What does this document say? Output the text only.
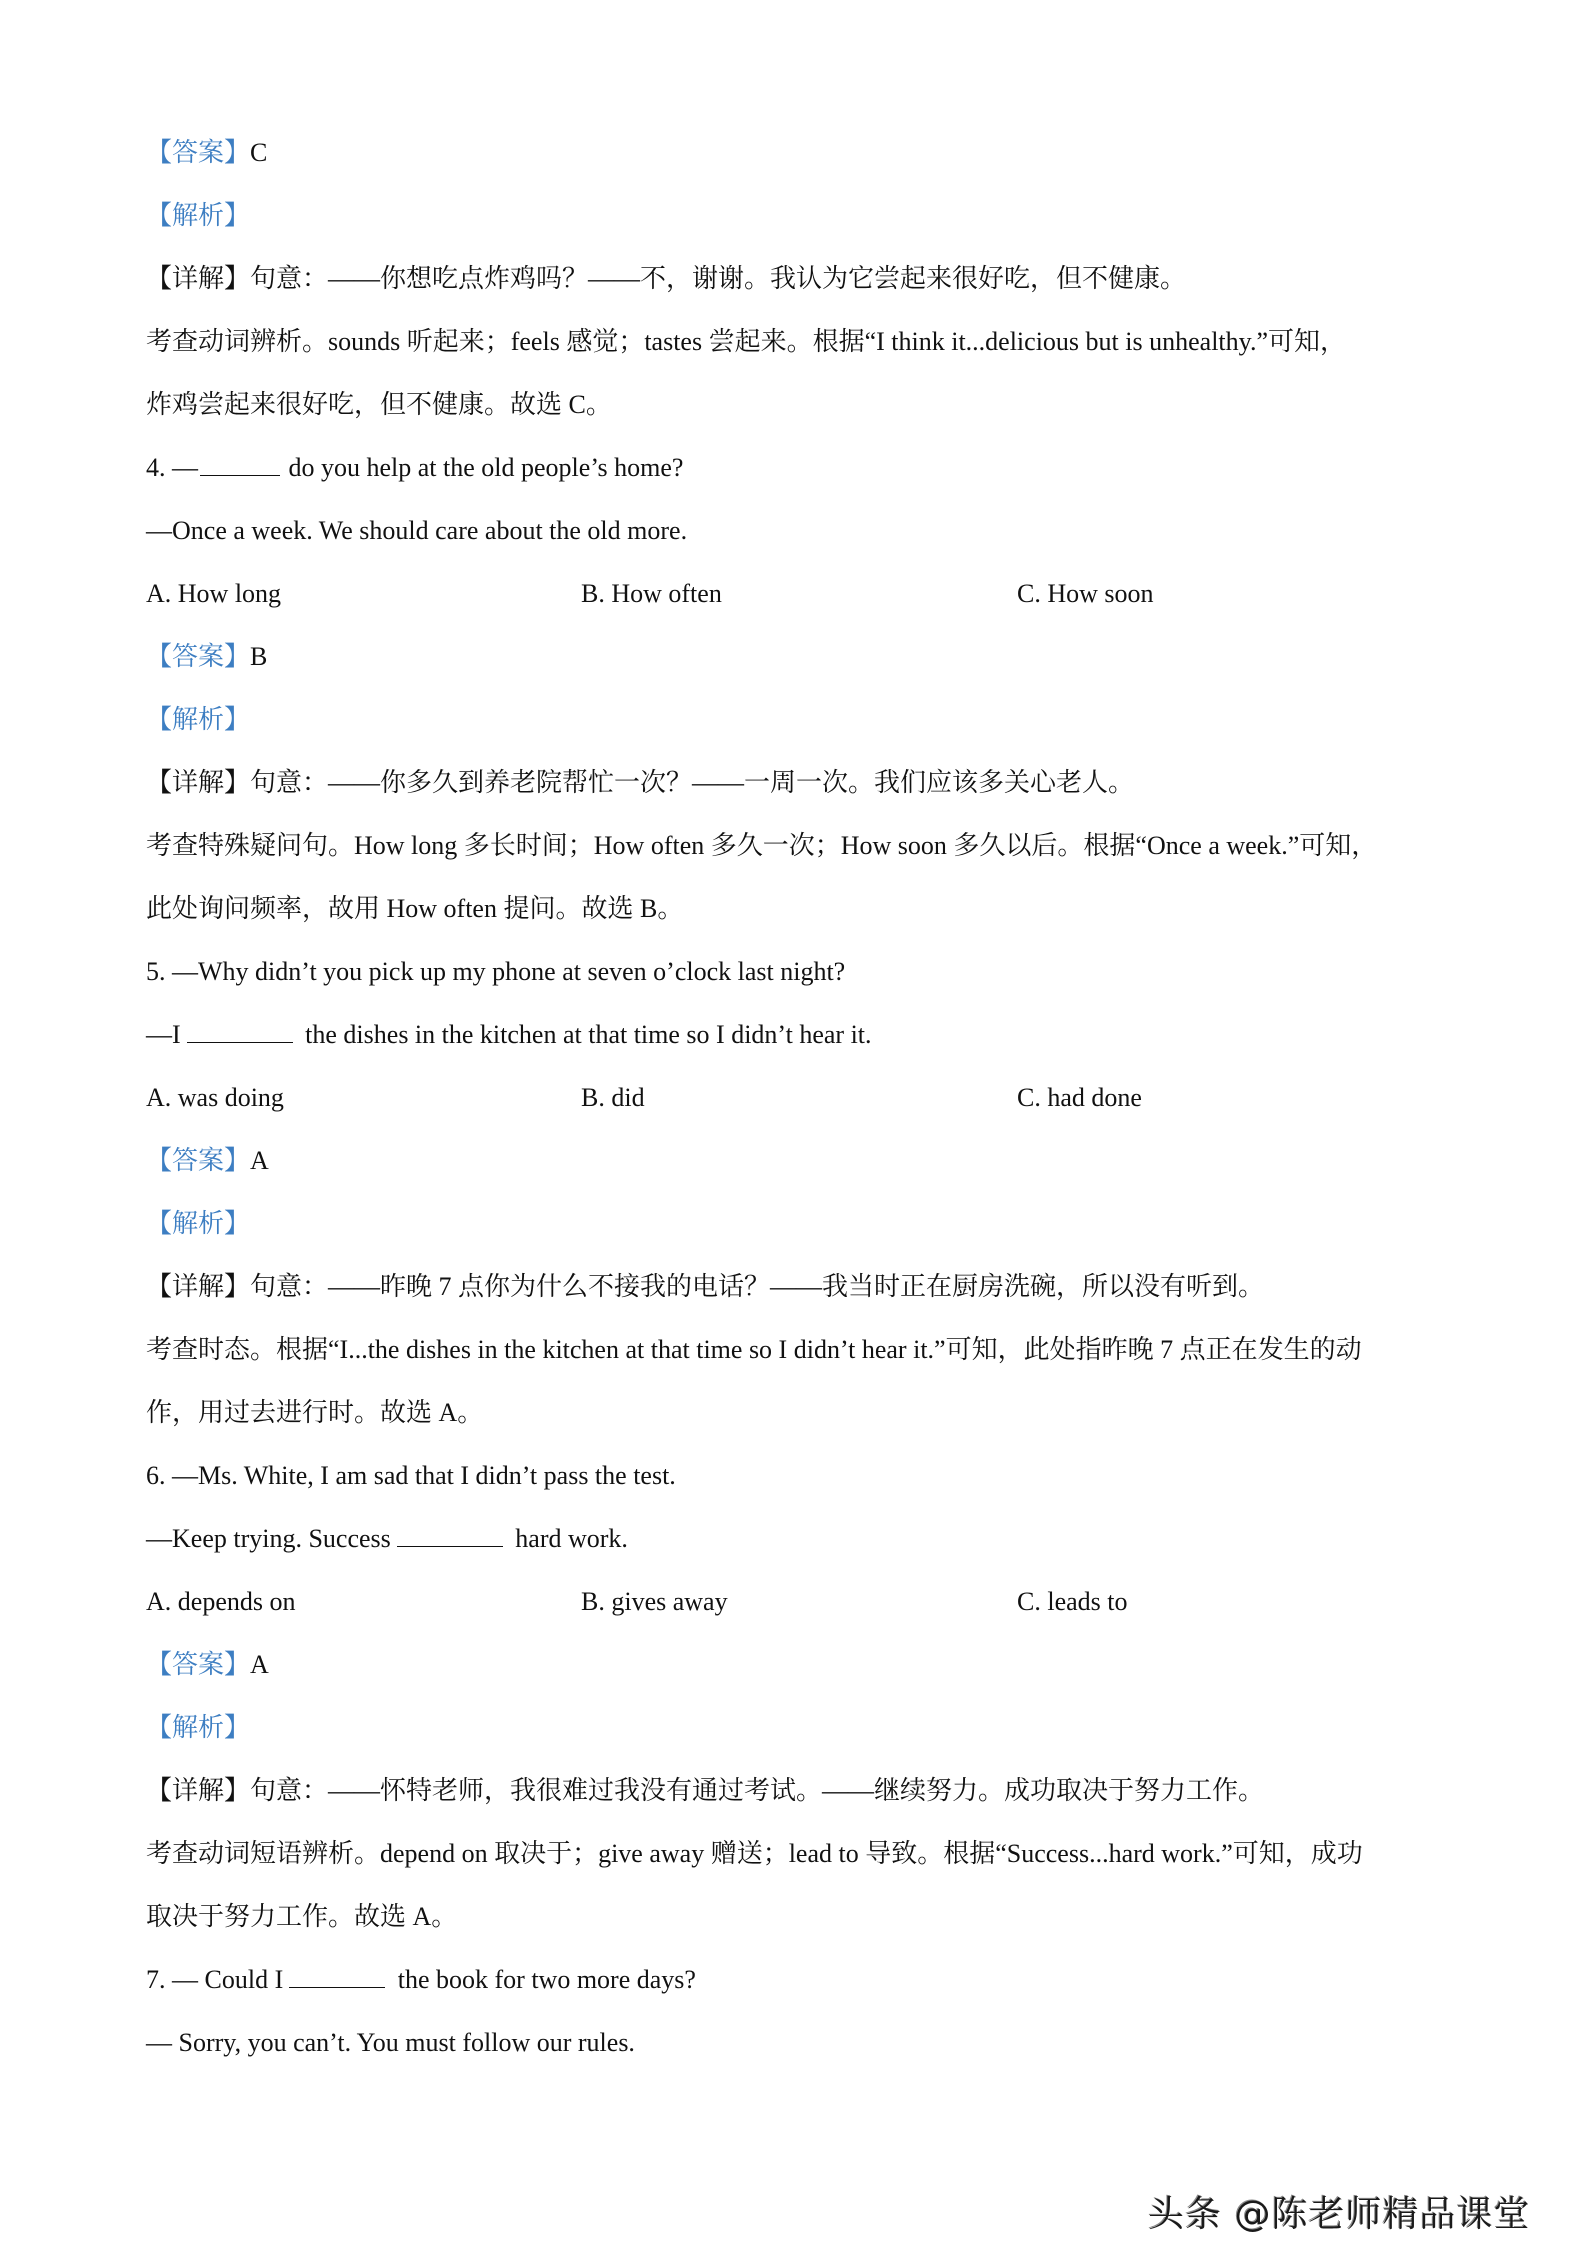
【答案】C
【解析】
【详解】句意：——你想吃点炸鸡吗？——不，谢谢。我认为它尝起来很好吃，但不健康。
考查动词辨析。sounds 听起来；feels 感觉；tastes 尝起来。根据“I think it...delicious but is unhealthy.”可知，
炸鸡尝起来很好吃，但不健康。故选 C。
4. —	do you help at the old people’s home?
—Once a week. We should care about the old more.
A. How long	B. How often	C. How soon
【答案】B
【解析】
【详解】句意：——你多久到养老院帮忙一次？——一周一次。我们应该多关心老人。
考查特殊疑问句。How long 多长时间；How often 多久一次；How soon 多久以后。根据“Once a week.”可知，
此处询问频率，故用 How often 提问。故选 B。
5. —Why didn’t you pick up my phone at seven o’clock last night?
—I	the dishes in the kitchen at that time so I didn’t hear it.
A. was doing	B. did	C. had done
【答案】A
【解析】
【详解】句意：——昨晚 7 点你为什么不接我的电话？——我当时正在厨房洗碗，所以没有听到。
考查时态。根据“I...the dishes in the kitchen at that time so I didn’t hear it.”可知，此处指昨晚 7 点正在发生的动
作，用过去进行时。故选 A。
6. —Ms. White, I am sad that I didn’t pass the test.
—Keep trying. Success	hard work.
A. depends on	B. gives away	C. leads to
【答案】A
【解析】
【详解】句意：——怀特老师，我很难过我没有通过考试。——继续努力。成功取决于努力工作。
考查动词短语辨析。depend on 取决于；give away 赠送；lead to 导致。根据“Success...hard work.”可知，成功
取决于努力工作。故选 A。
7. — Could I	the book for two more days?
— Sorry, you can’t. You must follow our rules.
头条 @陈老师精品课堂
